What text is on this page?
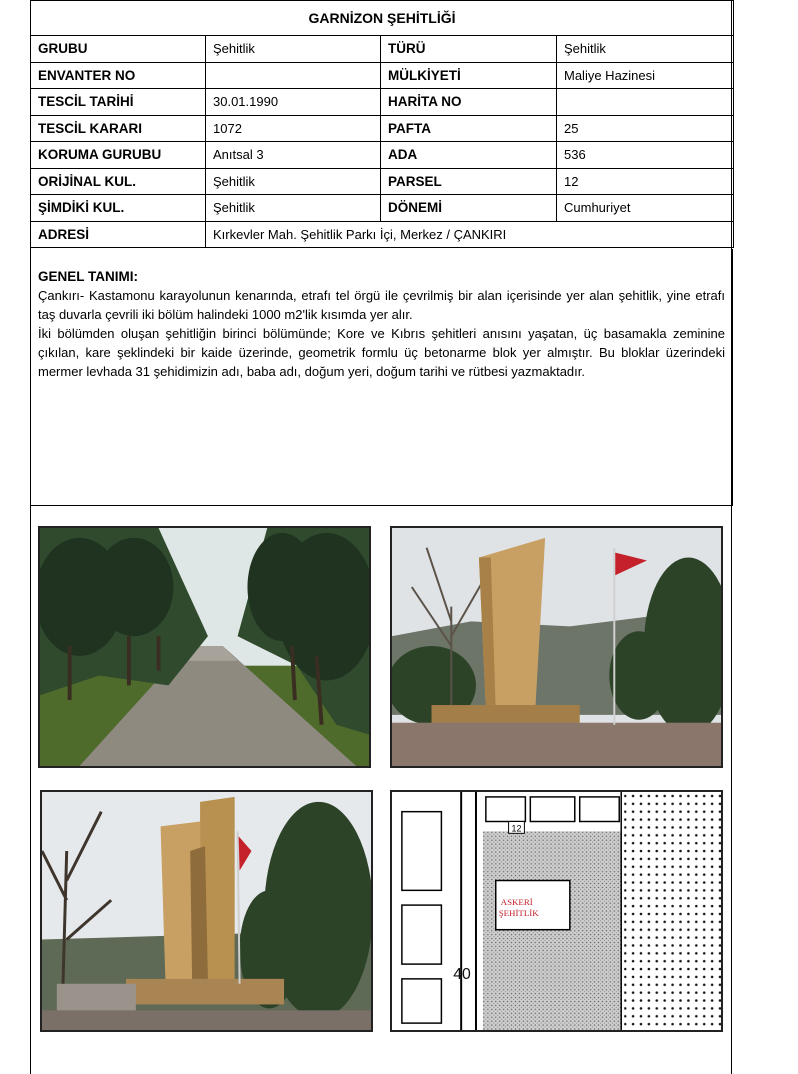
GARNİZON ŞEHİTLİĞİ			
GRUBU	Şehitlik	TÜRÜ	Şehitlik
ENVANTER NO		MÜLKİYETİ	Maliye Hazinesi
TESCİL TARİHİ	30.01.1990	HARİTA NO	
TESCİL KARARI	1072	PAFTA	25
KORUMA GURUBU	Anıtsal 3	ADA	536
ORİJİNAL KUL.	Şehitlik	PARSEL	12
ŞİMDİKİ KUL.	Şehitlik	DÖNEMİ	Cumhuriyet
ADRESİ	Kırkevler Mah. Şehitlik Parkı İçi, Merkez / ÇANKIRI		
GENEL TANIMI:

Çankırı- Kastamonu karayolunun kenarında, etrafı tel örgü ile çevrilmiş bir alan içerisinde yer alan şehitlik, yine etrafı taş duvarla çevrili iki bölüm halindeki 1000 m2'lik kısımda yer alır.

İki bölümden oluşan şehitliğin birinci bölümünde; Kore ve Kıbrıs şehitleri anısını yaşatan, üç basamakla zeminine çıkılan, kare şeklindeki bir kaide üzerinde, geometrik formlu üç betonarme blok yer almıştır. Bu bloklar üzerindeki mermer levhada 31 şehidimizin adı, baba adı, doğum yeri, doğum tarihi ve rütbesi yazmaktadır.

12
ASKERİ
ŞEHİTLİK
40
